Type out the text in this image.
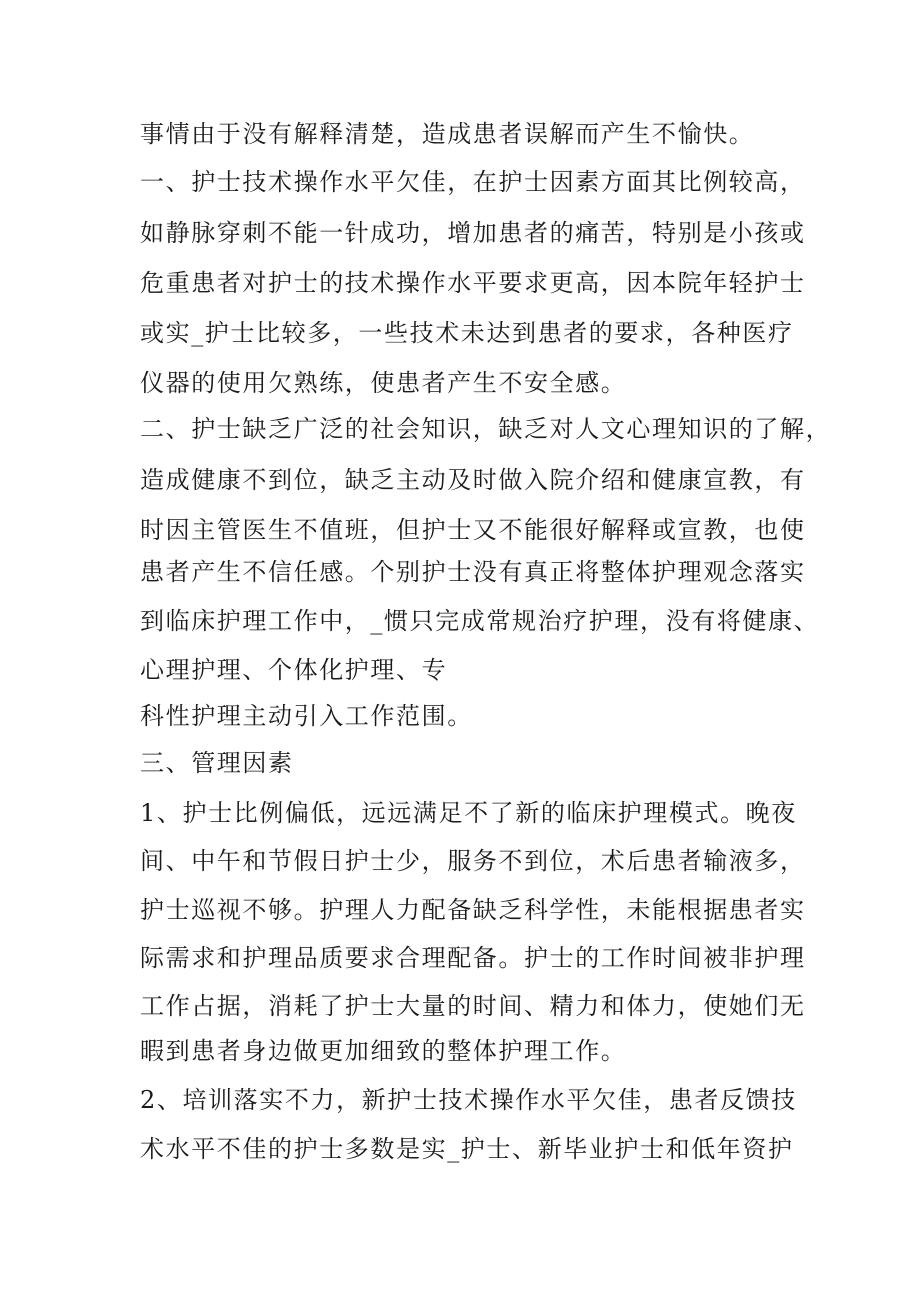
事情由于没有解释清楚，造成患者误解而产生不愉快。
一、护士技术操作水平欠佳，在护士因素方面其比例较高，
如静脉穿刺不能一针成功，增加患者的痛苦，特别是小孩或
危重患者对护士的技术操作水平要求更高，因本院年轻护士
或实_护士比较多，一些技术未达到患者的要求，各种医疗
仪器的使用欠熟练，使患者产生不安全感。
二、护士缺乏广泛的社会知识，缺乏对人文心理知识的了解，
造成健康不到位，缺乏主动及时做入院介绍和健康宣教，有
时因主管医生不值班，但护士又不能很好解释或宣教，也使
患者产生不信任感。个别护士没有真正将整体护理观念落实
到临床护理工作中，_惯只完成常规治疗护理，没有将健康、
心理护理、个体化护理、专
科性护理主动引入工作范围。
三、管理因素
1、护士比例偏低，远远满足不了新的临床护理模式。晚夜
间、中午和节假日护士少，服务不到位，术后患者输液多，
护士巡视不够。护理人力配备缺乏科学性，未能根据患者实
际需求和护理品质要求合理配备。护士的工作时间被非护理
工作占据，消耗了护士大量的时间、精力和体力，使她们无
暇到患者身边做更加细致的整体护理工作。
2、培训落实不力，新护士技术操作水平欠佳，患者反馈技
术水平不佳的护士多数是实_护士、新毕业护士和低年资护
